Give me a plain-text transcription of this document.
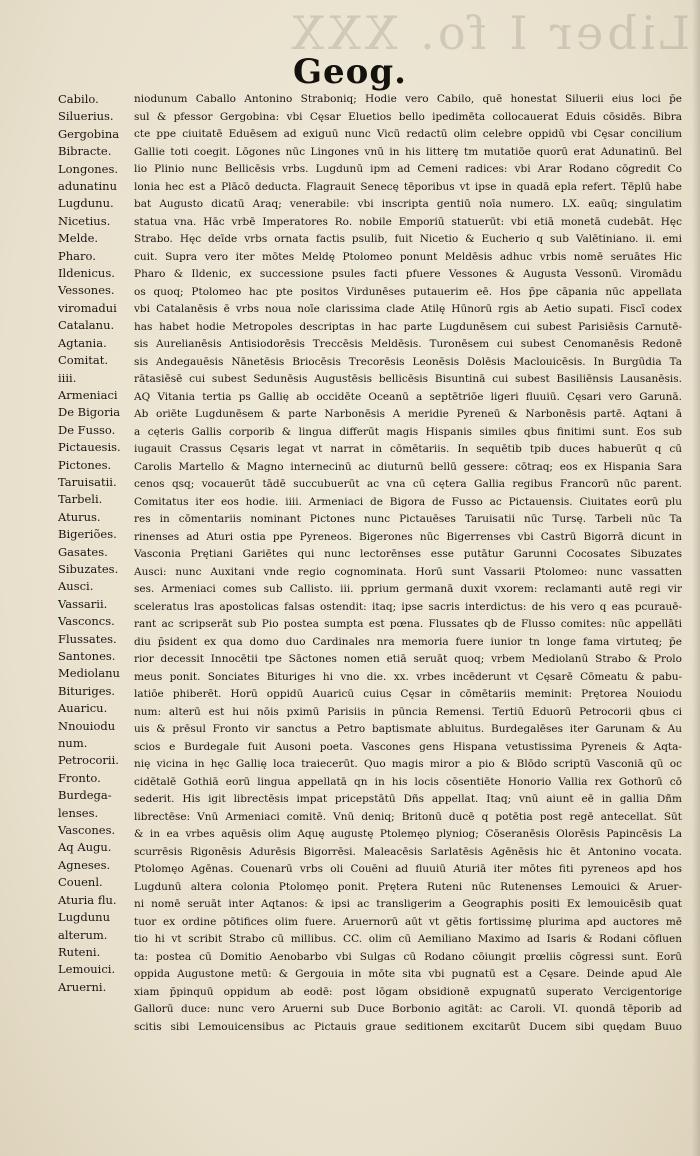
Liber I fo. XXX
Geog.
Cabilo.
Siluerius.
Gergobina
Bibracte.
Longones.
adunatinu
Lugdunu.
Nicetius.
Melde.
Pharo.
Ildenicus.
Vessones.
viromadui
Catalanu.
Agtania.
Comitat.
iiii.
Armeniaci
De Bigoria
De Fusso.
Pictauesis.
Pictones.
Taruisatii.
Tarbeli.
Aturus.
Bigeriões.
Gasates.
Sibuzates.
Ausci.
Vassarii.
Vasconcs.
Flussates.
Santones.
Mediolanu
Bituriges.
Auaricu.
Nnouiodu
num.
Petrocorii.
Fronto.
Burdega-
lenses.
Vascones.
Aq Augu.
Agneses.
Couenl.
Aturia flu.
Lugdunu
alterum.
Ruteni.
Lemouici.
Aruerni.
niodunum Caballo Antonino Straboniq; Hodie vero Cabilo, quē honestat Siluerii eius loci p̄e
sul & pfessor Gergobina: vbi Cęsar Eluetios bello ipedimēta collocauerat Eduis cōsidēs. Bibra
cte ppe ciuitatē Eduēsem ad exiguū nunc Vicū redactū olim celebre oppidū vbi Cęsar concilium
Gallie toti coegit. Lōgones nūc Lingones vnū in his litterę tm mutatiōe quorū erat Adunatinū. Bel
lio Plinio nunc Bellicēsis vrbs. Lugdunū ipm ad Cemeni radices: vbi Arar Rodano cōgredit Co
lonia hec est a Plācō deducta. Flagrauit Senecę tēporibus vt ipse in quadā epla refert. Tēplū habe
bat Augusto dicatū Araq; venerabile: vbi inscripta gentiū noīa numero. LX. eaūq; singulatim
statua vna. Hāc vrbē Imperatores Ro. nobile Emporiū statuerūt: vbi etiā monetā cudebāt. Hęc
Strabo. Hęc deīde vrbs ornata factis psulib, fuit Nicetio & Eucherio q sub Valētiniano. ii. emi
cuit. Supra vero iter mōtes Meldę Ptolomeo ponunt Meldēsis adhuc vrbis nomē seruātes Hic
Pharo & Ildenic, ex successione psules facti pfuere Vessones & Augusta Vessonū. Viromādu
os quoq; Ptolomeo hac pte positos Virdunēses putauerim eē. Hos p̄pe cāpania nūc appellata
vbi Catalanēsis ē vrbs noua noīe clarissima clade Atilę Hūnorū rgis ab Aetio supati. Fiscī codex
has habet hodie Metropoles descriptas in hac parte Lugdunēsem cui subest Parisiēsis Carnutē-
sis Aurelianēsis Antisiodorēsis Treccēsis Meldēsis. Turonēsem cui subest Cenomanēsis Redonē
sis Andegauēsis Nānetēsis Briocēsis Trecorēsis Leonēsis Dolēsis Maclouicēsis. In Burgūdia Ta
rātasiēsē cui subest Sedunēsis Augustēsis bellicēsis Bisuntinā cui subest Basiliēnsis Lausanēsis.
AQ Vitania tertia ps Gallię ab occidēte Oceanū a septētriōe ligeri fluuiū. Cęsari vero Garunā.
Ab oriēte Lugdunēsem & parte Narbonēsis A meridie Pyreneū & Narbonēsis partē. Aqtani ā
a cęteris Gallis corporib & lingua differūt magis Hispanis similes qbus finitimi sunt. Eos sub
iugauit Crassus Cęsaris legat vt narrat in cōmētariis. In sequētib tpib duces habuerūt q cū
Carolis Martello & Magno internecinū ac diuturnū bellū gessere: cōtraq; eos ex Hispania Sara
cenos qsq; vocauerūt tādē succubuerūt ac vna cū cętera Gallia regibus Francorū nūc parent.
Comitatus iter eos hodie. iiii. Armeniaci de Bigora de Fusso ac Pictauensis. Ciuitates eorū plu
res in cōmentariis nominant Pictones nunc Pictauēses Taruisatii nūc Tursę. Tarbeli nūc Ta
rinenses ad Aturi ostia ppe Pyreneos. Bigerones nūc Bigerrenses vbi Castrū Bigorrā dicunt in
Vasconia Prętiani Gariētes qui nunc lectorēnses esse putātur Garunni Cocosates Sibuzates
Ausci: nunc Auxitani vnde regio cognominata. Horū sunt Vassarii Ptolomeo: nunc vassatten
ses. Armeniaci comes sub Callisto. iii. pprium germanā duxit vxorem: reclamanti autē regi vir
sceleratus lras apostolicas falsas ostendit: itaq; ipse sacris interdictus: de his vero q eas pcurauē-
rant ac scripserāt sub Pio postea sumpta est pœna. Flussates qb de Flusso comites: nūc appellāti
diu p̄sident ex qua domo duo Cardinales nra memoria fuere iunior tn longe fama virtuteq; p̄e
rior decessit Innocētii tpe Sāctones nomen etiā seruāt quoq; vrbem Mediolanū Strabo & Prolo
meus ponit. Sonciates Bituriges hi vno die. xx. vrbes incēderunt vt Cęsarē Cōmeatu & pabu-
latiōe phiberēt. Horū oppidū Auaricū cuius Cęsar in cōmētariis meminit: Prętorea Nouiodu
num: alterū est hui nōis pximū Parisiis in pūncia Remensi. Tertiū Eduorū Petrocorii qbus ci
uis & prēsul Fronto vir sanctus a Petro baptismate abluitus. Burdegalēses iter Garunam & Au
scios e Burdegale fuit Ausoni poeta. Vascones gens Hispana vetustissima Pyreneis & Aqta-
nię vicina in hęc Gallię loca traiecerūt. Quo magis miror a pio & Blōdo scriptū Vasconiā qū oc
cidētalē Gothiā eorū lingua appellatā qn in his locis cōsentiēte Honorio Vallia rex Gothorū cō
sederit. His igit librectēsis impat pricepstātū Dñs appellat. Itaq; vnū aiunt eē in gallia Dñm
librectēse: Vnū Armeniaci comitē. Vnū deniq; Britonū ducē q potētia post regē antecellat. Sūt
& in ea vrbes aquēsis olim Aquę augustę Ptolemęo plyniog; Cōseranēsis Olorēsis Papincēsis La
scurrēsis Rigonēsis Adurēsis Bigorrēsi. Maleacēsis Sarlatēsis Agēnēsis hic ēt Antonino vocata.
Ptolomęo Agēnas. Couenarū vrbs oli Couēni ad fluuiū Aturiā iter mōtes fiti pyreneos apd hos
Lugdunū altera colonia Ptolomęo ponit. Prętera Ruteni nūc Rutenenses Lemouici & Aruer-
ni nomē seruāt inter Aqtanos: & ipsi ac transligerim a Geographis positi Ex lemouicēsib quat
tuor ex ordine pōtifices olim fuere. Aruernorū aūt vt gētis fortissimę plurima apd auctores mē
tio hi vt scribit Strabo cū millibus. CC. olim cū Aemiliano Maximo ad Isaris & Rodani cōfluen
ta: postea cū Domitio Aenobarbo vbi Sulgas cū Rodano cōiungit prœliis cōgressi sunt. Eorū
oppida Augustone metū: & Gergouia in mōte sita vbi pugnatū est a Cęsare. Deinde apud Ale
xiam p̄pinquū oppidum ab eodē: post lōgam obsidionē expugnatū superato Vercigentorige
Gallorū duce: nunc vero Aruerni sub Duce Borbonio agitāt: ac Caroli. VI. quondā tēporib ad
scitis sibi Lemouicensibus ac Pictauis graue seditionem excitarūt Ducem sibi quędam Buuo
